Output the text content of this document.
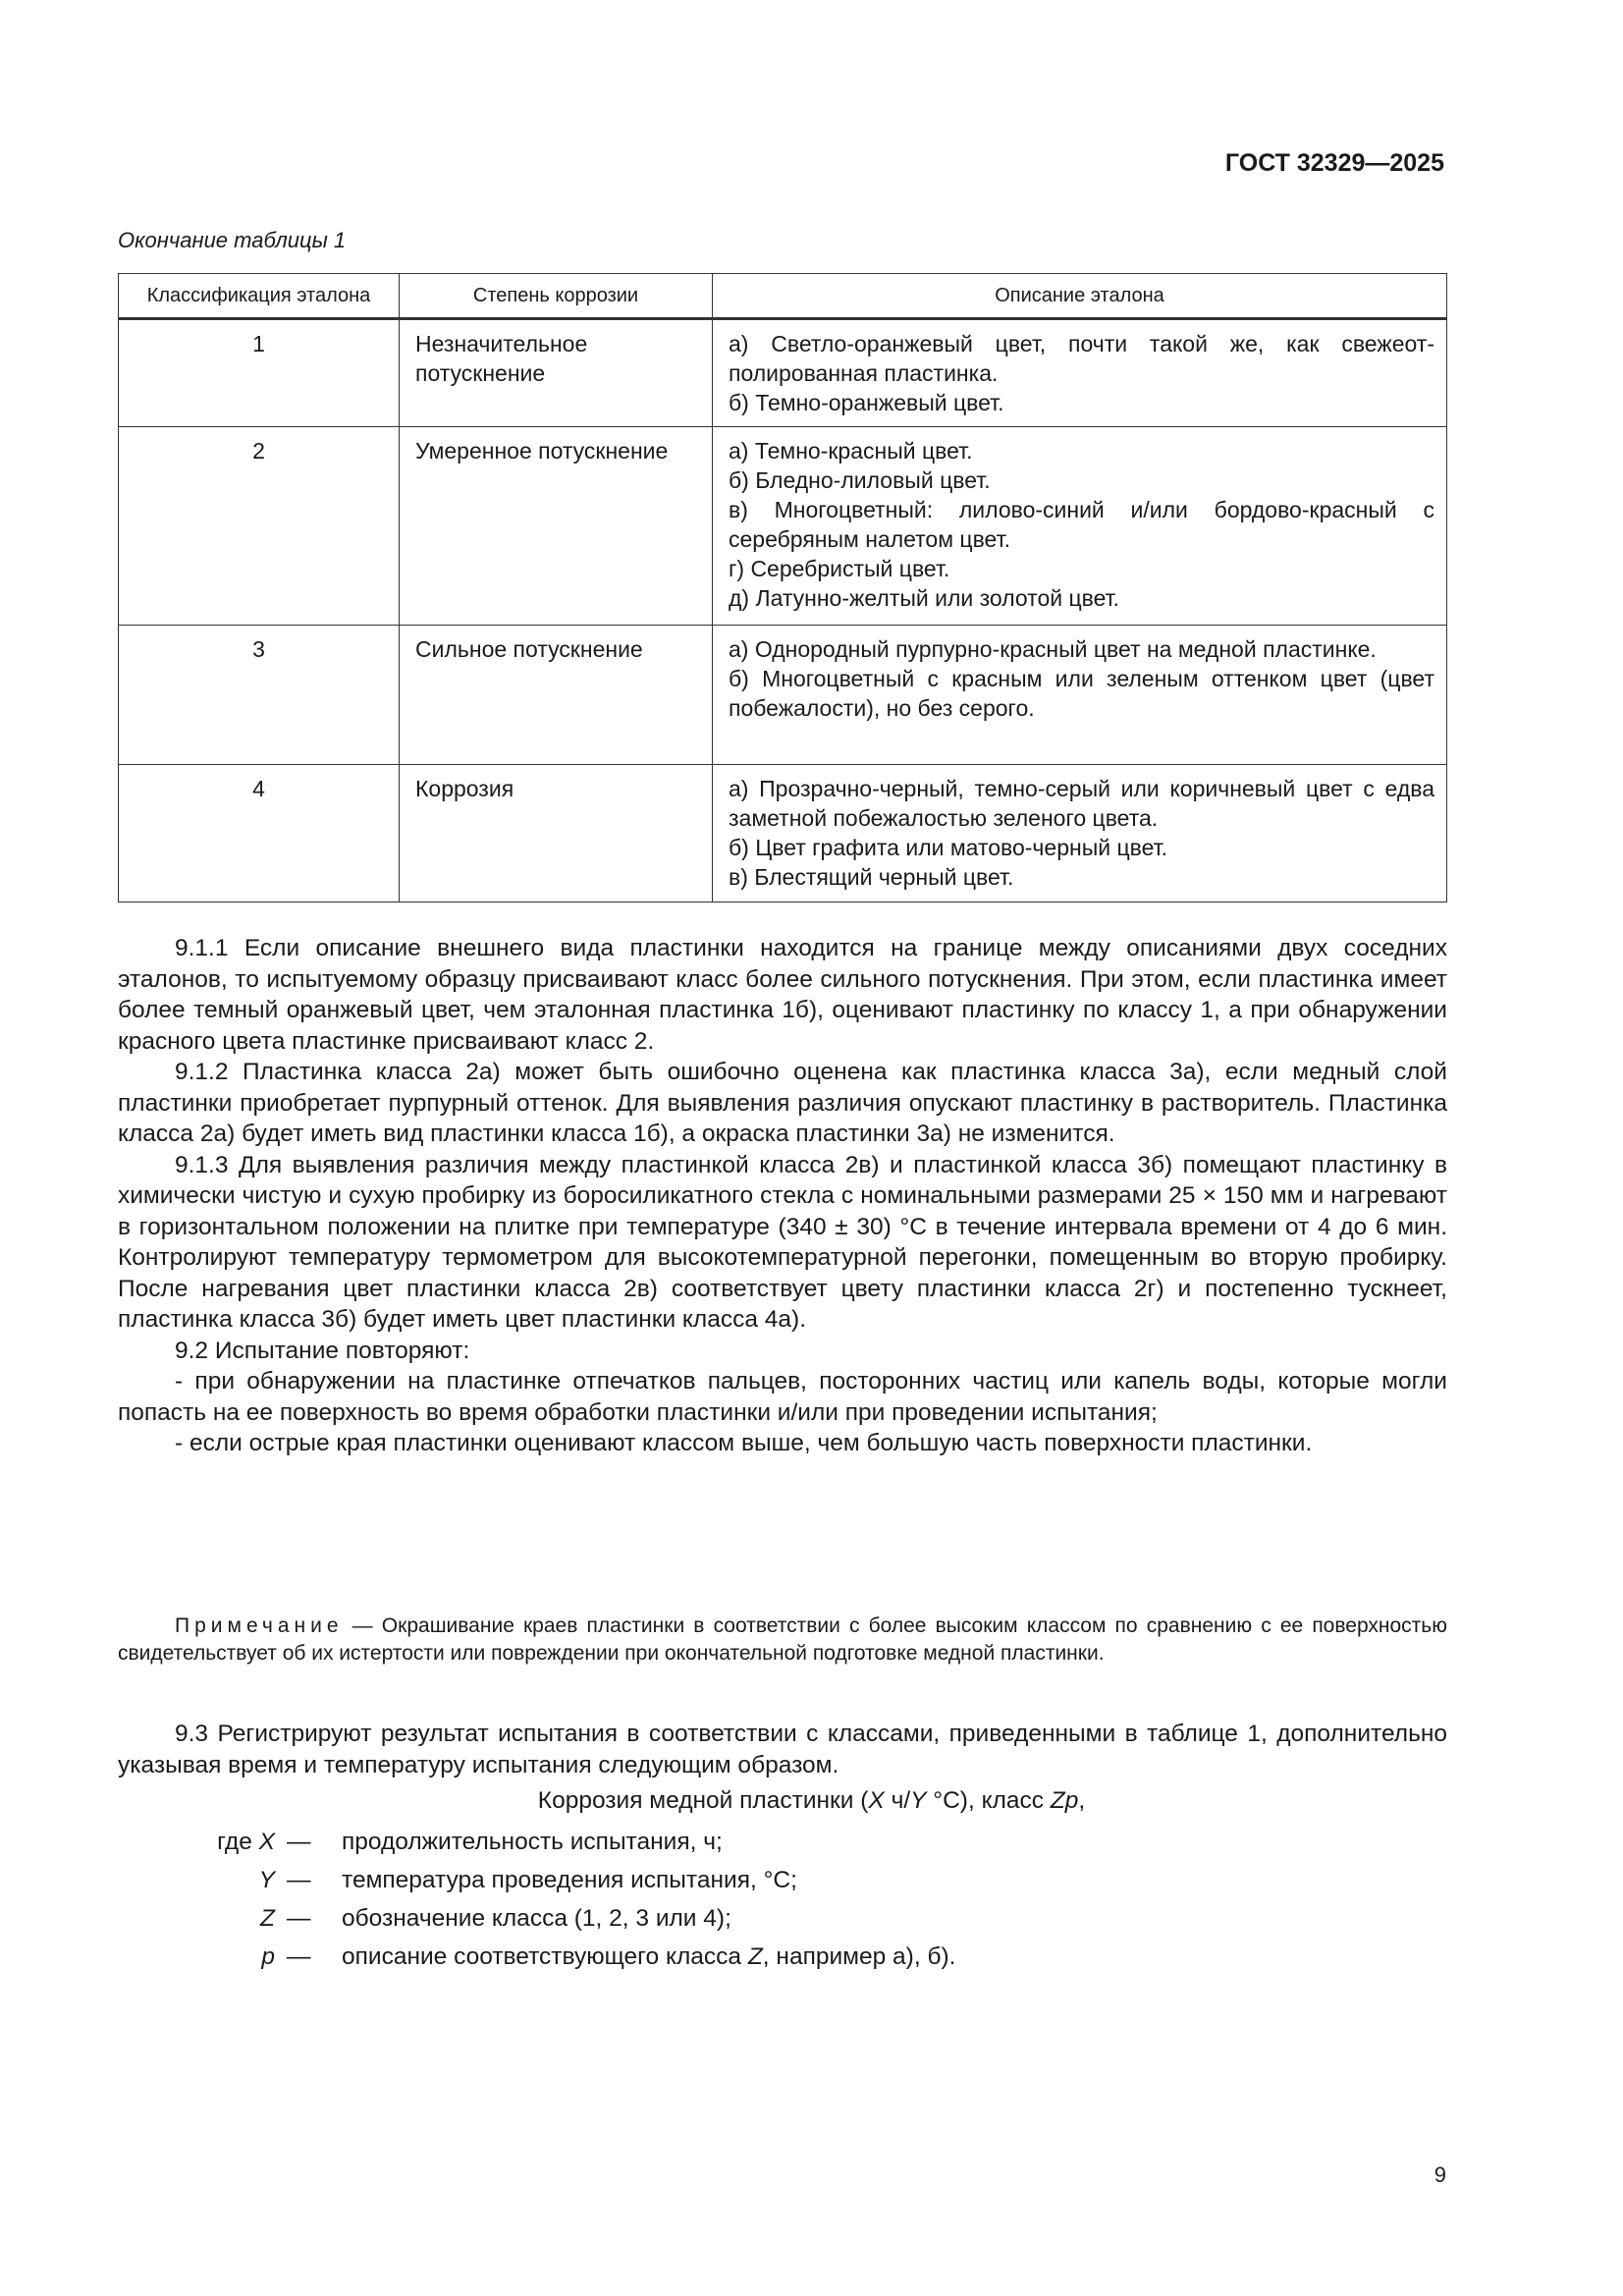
ГОСТ 32329—2025
Окончание таблицы 1
Классификация эталона	Степень коррозии	Описание эталона
1	Незначительное потускнение	а) Светло-оранжевый цвет, почти такой же, как свежеот-полированная пластинка.
б) Темно-оранжевый цвет.

2	Умеренное потускнение	а) Темно-красный цвет.
б) Бледно-лиловый цвет.
в) Многоцветный: лилово-синий и/или бордово-красный с серебряным налетом цвет.
г) Серебристый цвет.
д) Латунно-желтый или золотой цвет.

3	Сильное потускнение	а) Однородный пурпурно-красный цвет на медной пластинке.
б) Многоцветный с красным или зеленым оттенком цвет (цвет побежалости), но без серого.

4	Коррозия	а) Прозрачно-черный, темно-серый или коричневый цвет с едва заметной побежалостью зеленого цвета.
б) Цвет графита или матово-черный цвет.
в) Блестящий черный цвет.

9.1.1 Если описание внешнего вида пластинки находится на границе между описаниями двух соседних эталонов, то испытуемому образцу присваивают класс более сильного потускнения. При этом, если пластинка имеет более темный оранжевый цвет, чем эталонная пластинка 1б), оценивают пластинку по классу 1, а при обнаружении красного цвета пластинке присваивают класс 2.

9.1.2 Пластинка класса 2а) может быть ошибочно оценена как пластинка класса 3а), если медный слой пластинки приобретает пурпурный оттенок. Для выявления различия опускают пластинку в растворитель. Пластинка класса 2а) будет иметь вид пластинки класса 1б), а окраска пластинки 3а) не изменится.

9.1.3 Для выявления различия между пластинкой класса 2в) и пластинкой класса 3б) помещают пластинку в химически чистую и сухую пробирку из боросиликатного стекла с номинальными размерами 25 × 150 мм и нагревают в горизонтальном положении на плитке при температуре (340 ± 30) °С в течение интервала времени от 4 до 6 мин. Контролируют температуру термометром для высокотемпературной перегонки, помещенным во вторую пробирку. После нагревания цвет пластинки класса 2в) соответствует цвету пластинки класса 2г) и постепенно тускнеет, пластинка класса 3б) будет иметь цвет пластинки класса 4а).

9.2 Испытание повторяют:

- при обнаружении на пластинке отпечатков пальцев, посторонних частиц или капель воды, которые могли попасть на ее поверхность во время обработки пластинки и/или при проведении испытания;

- если острые края пластинки оценивают классом выше, чем большую часть поверхности пластинки.

Примечание — Окрашивание краев пластинки в соответствии с более высоким классом по сравнению с ее поверхностью свидетельствует об их истертости или повреждении при окончательной подготовке медной пластинки.

9.3 Регистрируют результат испытания в соответствии с классами, приведенными в таблице 1, дополнительно указывая время и температуру испытания следующим образом.

Коррозия медной пластинки (X ч/Y °С), класс Zp,
где X — продолжительность испытания, ч;
Y — температура проведения испытания, °С;
Z — обозначение класса (1, 2, 3 или 4);
p — описание соответствующего класса Z, например а), б).
9
